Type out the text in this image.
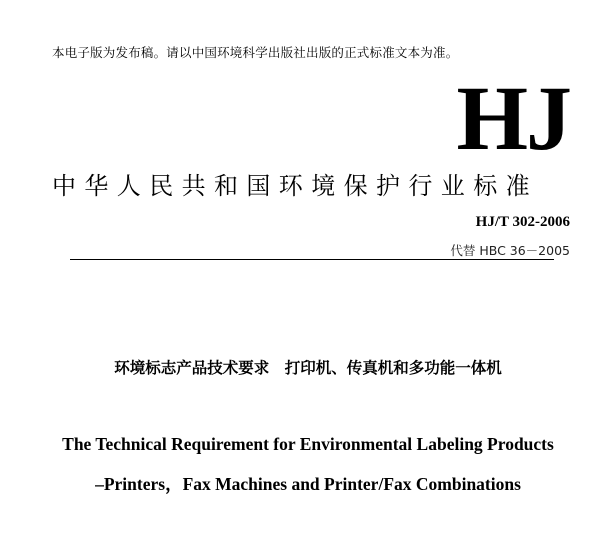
本电子版为发布稿。请以中国环境科学出版社出版的正式标准文本为准。
HJ
中华人民共和国环境保护行业标准
HJ/T 302-2006
代替 HBC 36－2005
环境标志产品技术要求　打印机、传真机和多功能一体机
The Technical Requirement for Environmental Labeling Products
–Printers，Fax Machines and Printer/Fax Combinations
